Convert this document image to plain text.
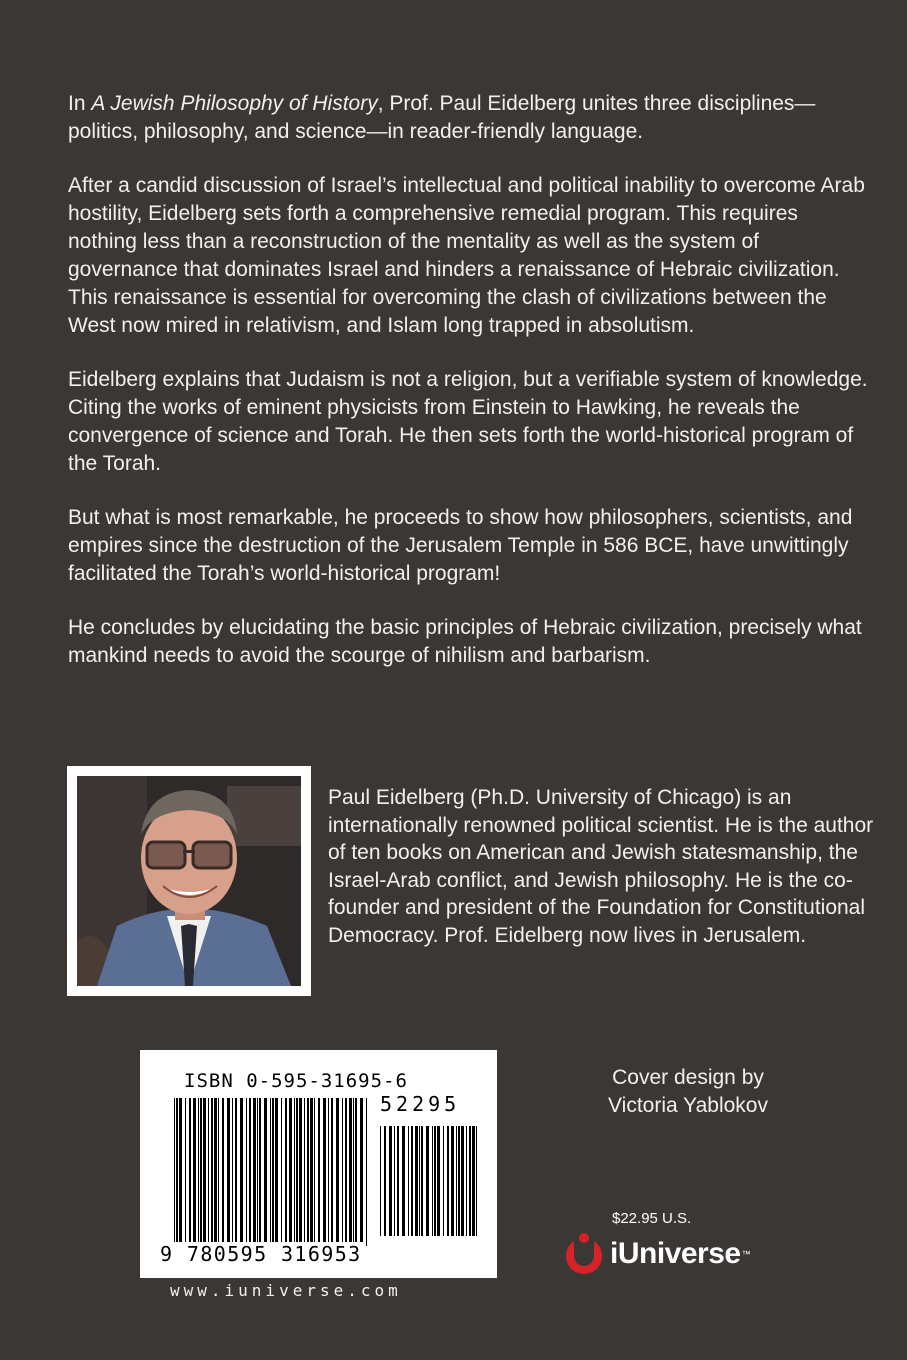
In A Jewish Philosophy of History, Prof. Paul Eidelberg unites three disciplines—politics, philosophy, and science—in reader-friendly language.

After a candid discussion of Israel’s intellectual and political inability to overcome Arab hostility, Eidelberg sets forth a comprehensive remedial program. This requires nothing less than a reconstruction of the mentality as well as the system of governance that dominates Israel and hinders a renaissance of Hebraic civilization. This renaissance is essential for overcoming the clash of civilizations between the West now mired in relativism, and Islam long trapped in absolutism.

Eidelberg explains that Judaism is not a religion, but a verifiable system of knowledge. Citing the works of eminent physicists from Einstein to Hawking, he reveals the convergence of science and Torah. He then sets forth the world-historical program of the Torah.

But what is most remarkable, he proceeds to show how philosophers, scientists, and empires since the destruction of the Jerusalem Temple in 586 BCE, have unwittingly facilitated the Torah’s world-historical program!

He concludes by elucidating the basic principles of Hebraic civilization, precisely what mankind needs to avoid the scourge of nihilism and barbarism.

Paul Eidelberg (Ph.D. University of Chicago) is an internationally renowned political scientist. He is the author of ten books on American and Jewish statesmanship, the Israel-Arab conflict, and Jewish philosophy. He is the co-founder and president of the Foundation for Constitutional Democracy. Prof. Eidelberg now lives in Jerusalem.
ISBN 0-595-31695-6
52295
9 780595 316953
www.iuniverse.com
Cover design by
Victoria Yablokov
$22.95 U.S.
iUniverse ™
